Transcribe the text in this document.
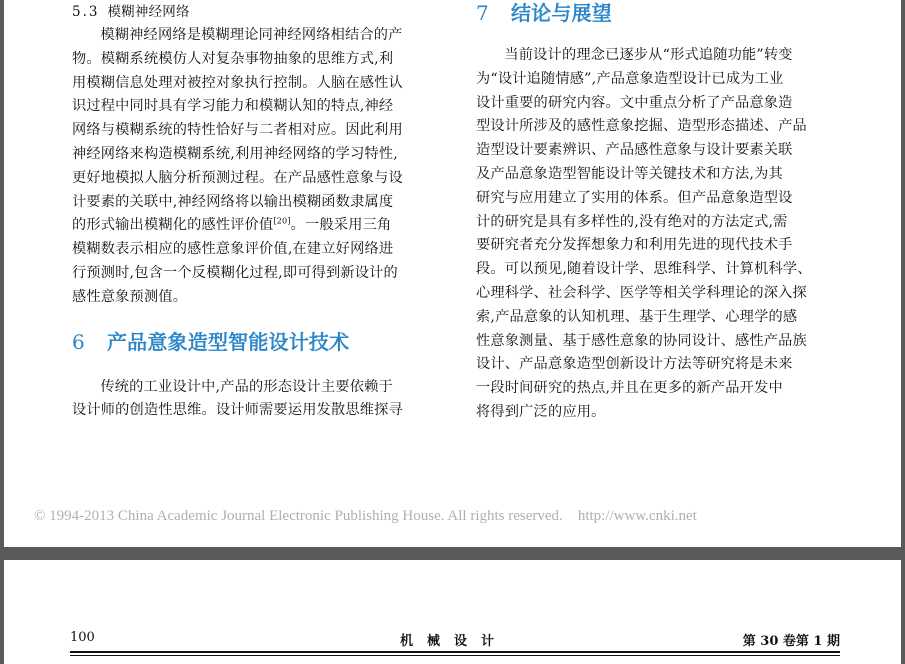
5.3 模糊神经网络
模糊神经网络是模糊理论同神经网络相结合的产
物。模糊系统模仿人对复杂事物抽象的思维方式,利
用模糊信息处理对被控对象执行控制。人脑在感性认
识过程中同时具有学习能力和模糊认知的特点,神经
网络与模糊系统的特性恰好与二者相对应。因此利用
神经网络来构造模糊系统,利用神经网络的学习特性,
更好地模拟人脑分析预测过程。在产品感性意象与设
计要素的关联中,神经网络将以输出模糊函数隶属度
的形式输出模糊化的感性评价值[20]。一般采用三角
模糊数表示相应的感性意象评价值,在建立好网络进
行预测时,包含一个反模糊化过程,即可得到新设计的
感性意象预测值。
6 产品意象造型智能设计技术
传统的工业设计中,产品的形态设计主要依赖于
设计师的创造性思维。设计师需要运用发散思维探寻
7 结论与展望
当前设计的理念已逐步从“形式追随功能”转变
为“设计追随情感”,产品意象造型设计已成为工业
设计重要的研究内容。文中重点分析了产品意象造
型设计所涉及的感性意象挖掘、造型形态描述、产品
造型设计要素辨识、产品感性意象与设计要素关联
及产品意象造型智能设计等关键技术和方法,为其
研究与应用建立了实用的体系。但产品意象造型设
计的研究是具有多样性的,没有绝对的方法定式,需
要研究者充分发挥想象力和利用先进的现代技术手
段。可以预见,随着设计学、思维科学、计算机科学、
心理科学、社会科学、医学等相关学科理论的深入探
索,产品意象的认知机理、基于生理学、心理学的感
性意象测量、基于感性意象的协同设计、感性产品族
设计、产品意象造型创新设计方法等研究将是未来
一段时间研究的热点,并且在更多的新产品开发中
将得到广泛的应用。
© 1994-2013 China Academic Journal Electronic Publishing House. All rights reserved. http://www.cnki.net
100	机械设计	第 30 卷第 1 期
